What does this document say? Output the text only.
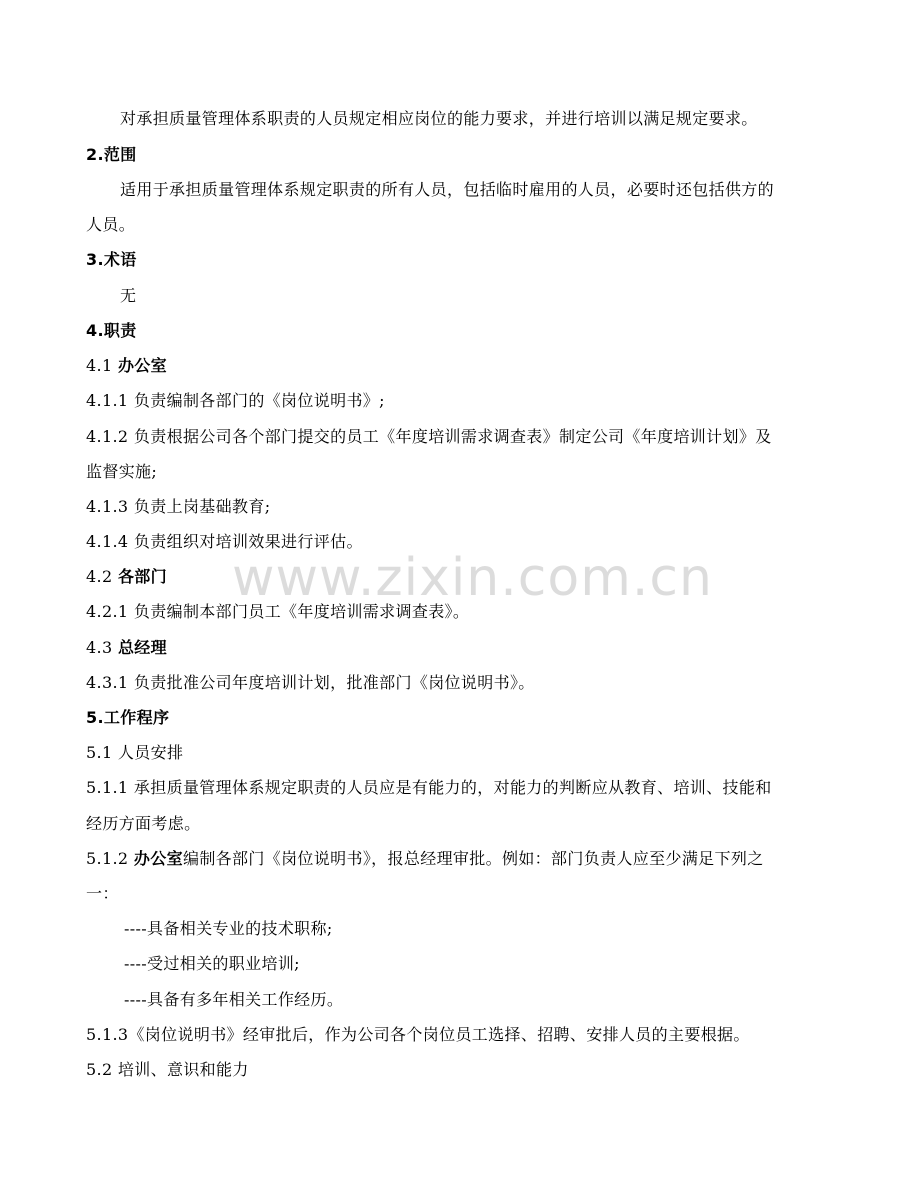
www.zixin.com.cn
对承担质量管理体系职责的人员规定相应岗位的能力要求，并进行培训以满足规定要求。
2.范围
适用于承担质量管理体系规定职责的所有人员，包括临时雇用的人员，必要时还包括供方的
人员。
3.术语
无
4.职责
4.1 办公室
4.1.1 负责编制各部门的《岗位说明书》;
4.1.2 负责根据公司各个部门提交的员工《年度培训需求调查表》制定公司《年度培训计划》及
监督实施;
4.1.3 负责上岗基础教育;
4.1.4 负责组织对培训效果进行评估。
4.2 各部门
4.2.1 负责编制本部门员工《年度培训需求调查表》。
4.3 总经理
4.3.1 负责批准公司年度培训计划，批准部门《岗位说明书》。
5.工作程序
5.1 人员安排
5.1.1 承担质量管理体系规定职责的人员应是有能力的，对能力的判断应从教育、培训、技能和
经历方面考虑。
5.1.2 办公室编制各部门《岗位说明书》，报总经理审批。例如：部门负责人应至少满足下列之
一：
----具备相关专业的技术职称;
----受过相关的职业培训;
----具备有多年相关工作经历。
5.1.3《岗位说明书》经审批后，作为公司各个岗位员工选择、招聘、安排人员的主要根据。
5.2 培训、意识和能力
